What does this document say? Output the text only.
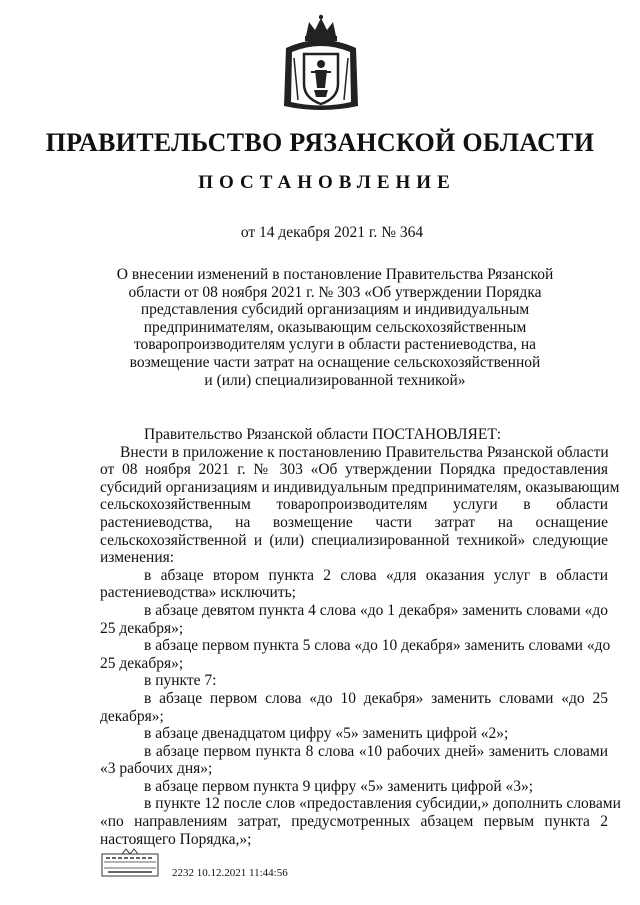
ПРАВИТЕЛЬСТВО РЯЗАНСКОЙ ОБЛАСТИ
ПОСТАНОВЛЕНИЕ
от 14 декабря 2021 г. № 364
О внесении изменений в постановление Правительства Рязанской
области от 08 ноября 2021 г. № 303 «Об утверждении Порядка
представления субсидий организациям и индивидуальным
предпринимателям, оказывающим сельскохозяйственным
товаропроизводителям услуги в области растениеводства, на
возмещение части затрат на оснащение сельскохозяйственной
и (или) специализированной техникой»
Правительство Рязанской области ПОСТАНОВЛЯЕТ:
Внести в приложение к постановлению Правительства Рязанской области
от 08 ноября 2021 г. № 303 «Об утверждении Порядка предоставления
субсидий организациям и индивидуальным предпринимателям, оказывающим
сельскохозяйственным товаропроизводителям услуги в области
растениеводства, на возмещение части затрат на оснащение
сельскохозяйственной и (или) специализированной техникой» следующие
изменения:
в абзаце втором пункта 2 слова «для оказания услуг в области
растениеводства» исключить;
в абзаце девятом пункта 4 слова «до 1 декабря» заменить словами «до
25 декабря»;
в абзаце первом пункта 5 слова «до 10 декабря» заменить словами «до
25 декабря»;
в пункте 7:
в абзаце первом слова «до 10 декабря» заменить словами «до 25
декабря»;
в абзаце двенадцатом цифру «5» заменить цифрой «2»;
в абзаце первом пункта 8 слова «10 рабочих дней» заменить словами
«3 рабочих дня»;
в абзаце первом пункта 9 цифру «5» заменить цифрой «3»;
в пункте 12 после слов «предоставления субсидии,» дополнить словами
«по направлениям затрат, предусмотренных абзацем первым пункта 2
настоящего Порядка,»;
2232 10.12.2021 11:44:56
